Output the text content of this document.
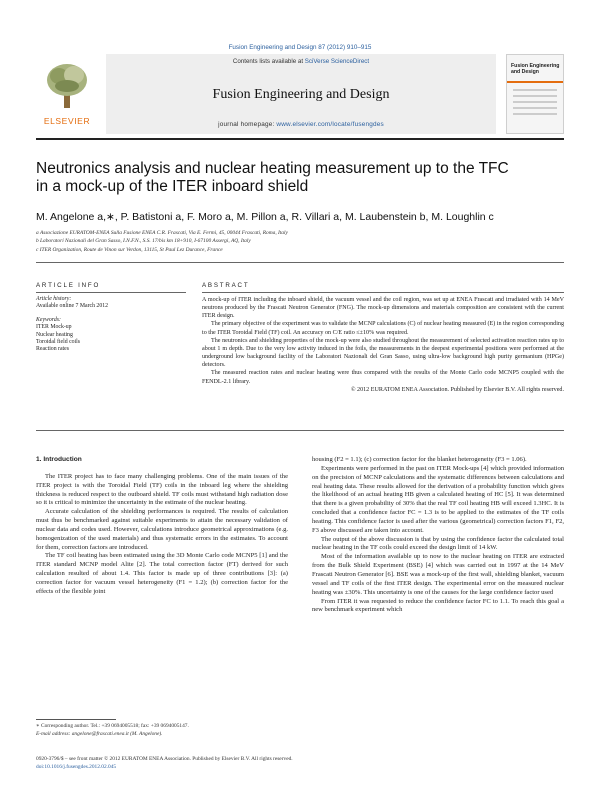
Fusion Engineering and Design 87 (2012) 910–915
ELSEVIER
Contents lists available at SciVerse ScienceDirect
Fusion Engineering and Design
journal homepage: www.elsevier.com/locate/fusengdes
Fusion Engineering and Design
Neutronics analysis and nuclear heating measurement up to the TFC
in a mock-up of the ITER inboard shield
M. Angelone a,∗, P. Batistoni a, F. Moro a, M. Pillon a, R. Villari a, M. Laubenstein b, M. Loughlin c
a Associazione EURATOM-ENEA Sulla Fusione ENEA C.R. Frascati, Via E. Fermi, 45, 00044 Frascati, Roma, Italy
b Laboratori Nazionali del Gran Sasso, I.N.F.N., S.S. 17/bis km 18+910, I-67100 Assergi, AQ, Italy
c ITER Organization, Route de Vinon sur Verdon, 13115, St Paul Lez Durance, France
ARTICLE INFO	ABSTRACT
Article history:
Available online 7 March 2012
Keywords:
ITER Mock-up
Nuclear heating
Toroidal field coils
Reaction rates

A mock-up of ITER including the inboard shield, the vacuum vessel and the coil region, was set up at ENEA Frascati and irradiated with 14 MeV neutrons produced by the Frascati Neutron Generator (FNG). The mock-up dimensions and materials composition are consistent with the current ITER design.

The primary objective of the experiment was to validate the MCNP calculations (C) of nuclear heating measured (E) in the region corresponding to the ITER Toroidal Field (TF) coil. An accuracy on C/E ratio ≤±10% was required.

The neutronics and shielding properties of the mock-up were also studied throughout the measurement of selected activation reaction rates up to about 1 m depth. Due to the very low activity induced in the foils, the measurements in the deepest experimental positions were performed at the underground low background facility of the Laboratori Nazionali del Gran Sasso, using ultra-low background high purity germanium (HPGe) detectors.

The measured reaction rates and nuclear heating were thus compared with the results of the Monte Carlo code MCNP5 coupled with the FENDL-2.1 library.

© 2012 EURATOM ENEA Association. Published by Elsevier B.V. All rights reserved.

1. Introduction

The ITER project has to face many challenging problems. One of the main issues of the ITER project is with the Toroidal Field (TF) coils in the inboard leg where the shielding thickness is reduced respect to the outboard shield. TF coils must withstand high radiation dose so it is critical to minimize the uncertainty in the estimate of the nuclear heating.

Accurate calculation of the shielding performances is required. The results of calculation must thus be benchmarked against suitable experiments to attain the necessary validation of nuclear data and codes used. However, calculations introduce geometrical approximations (e.g. homogenization of the used materials) and thus systematic errors in the estimates. To account for them, correction factors are introduced.

The TF coil heating has been estimated using the 3D Monte Carlo code MCNP5 [1] and the ITER standard MCNP model Alite [2]. The total correction factor (FT) derived for such calculation resulted of about 1.4. This factor is made up of three contributions [3]: (a) correction factor for vacuum vessel heterogeneity (F1 = 1.2); (b) correction factor for the effects of the flexible joint

housing (F2 = 1.1); (c) correction factor for the blanket heterogeneity (F3 = 1.06).

Experiments were performed in the past on ITER Mock-ups [4] which provided information on the precision of MCNP calculations and the systematic differences between calculations and real heating data. These results allowed for the derivation of a probability function which gives the likelihood of an actual heating HB given a calculated heating of HC [5]. It was determined that there is a given probability of 30% that the real TF coil heating HB will exceed 1.3HC. It is concluded that a confidence factor FC = 1.3 is to be applied to the estimates of the TF coils heating. This confidence factor is used after the various (geometrical) correction factors F1, F2, F3 above discussed are taken into account.

The output of the above discussion is that by using the confidence factor the calculated total nuclear heating in the TF coils could exceed the design limit of 14 kW.

Most of the information available up to now to the nuclear heating on ITER are extracted from the Bulk Shield Experiment (BSE) [4] which was carried out in 1997 at the 14 MeV Frascati Neutron Generator [6]. BSE was a mock-up of the first wall, shielding blanket, vacuum vessel and TF coils of the first ITER design. The experimental error on the measured nuclear heating was ±30%. This uncertainty is one of the causes for the large confidence factor used

From ITER it was requested to reduce the confidence factor FC to 1.1. To reach this goal a new benchmark experiment which

∗ Corresponding author. Tel.: +39 0694005518; fax: +39 0694005147.
E-mail address: angelone@frascati.enea.it (M. Angelone).
0920-3796/$ – see front matter © 2012 EURATOM ENEA Association. Published by Elsevier B.V. All rights reserved.
doi:10.1016/j.fusengdes.2012.02.045
